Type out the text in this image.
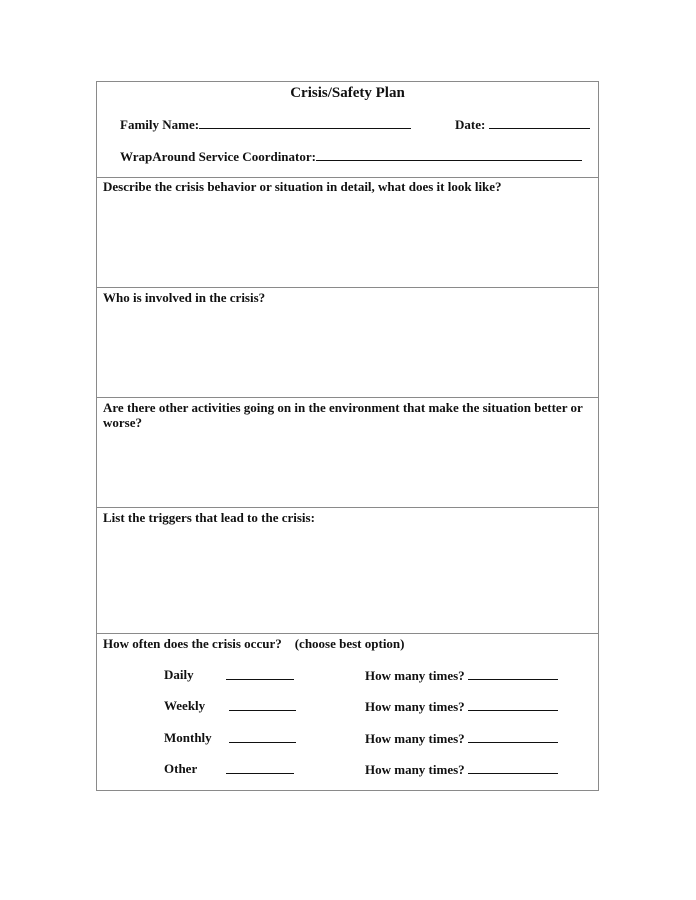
Crisis/Safety Plan
Family Name:	Date:
WrapAround Service Coordinator:
Describe the crisis behavior or situation in detail, what does it look like?
Who is involved in the crisis?
Are there other activities going on in the environment that make the situation better or worse?
List the triggers that lead to the crisis:
How often does the crisis occur? (choose best option)
Daily	How many times?
Weekly	How many times?
Monthly	How many times?
Other	How many times?
